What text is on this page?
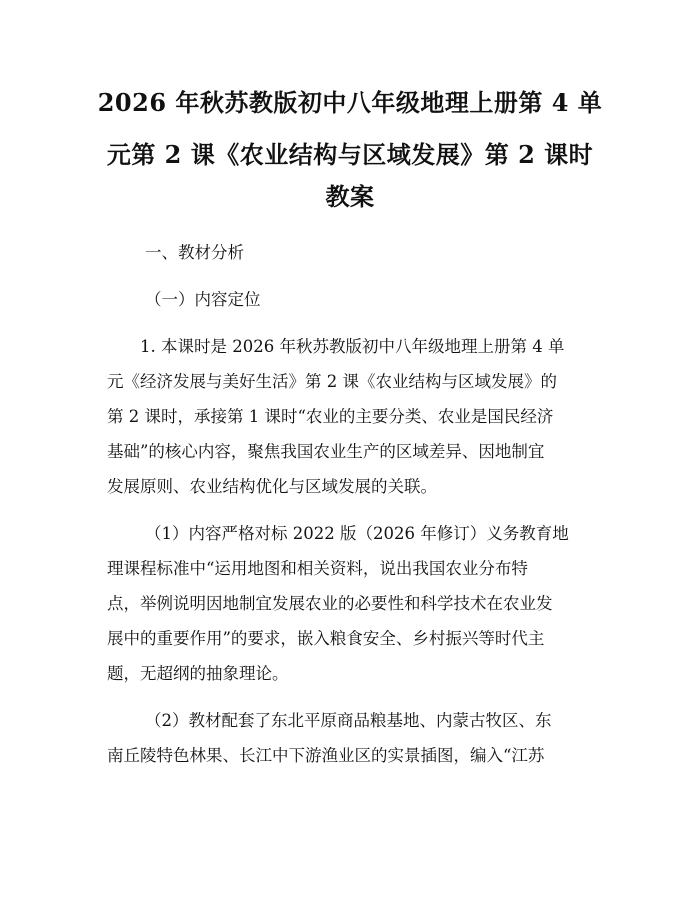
2026 年秋苏教版初中八年级地理上册第 4 单
元第 2 课《农业结构与区域发展》第 2 课时
教案
一、教材分析
（一）内容定位
1. 本课时是 2026 年秋苏教版初中八年级地理上册第 4 单
元《经济发展与美好生活》第 2 课《农业结构与区域发展》的
第 2 课时，承接第 1 课时“农业的主要分类、农业是国民经济
基础”的核心内容，聚焦我国农业生产的区域差异、因地制宜
发展原则、农业结构优化与区域发展的关联。
（1）内容严格对标 2022 版（2026 年修订）义务教育地
理课程标准中“运用地图和相关资料，说出我国农业分布特
点，举例说明因地制宜发展农业的必要性和科学技术在农业发
展中的重要作用”的要求，嵌入粮食安全、乡村振兴等时代主
题，无超纲的抽象理论。
（2）教材配套了东北平原商品粮基地、内蒙古牧区、东
南丘陵特色林果、长江中下游渔业区的实景插图，编入“江苏
